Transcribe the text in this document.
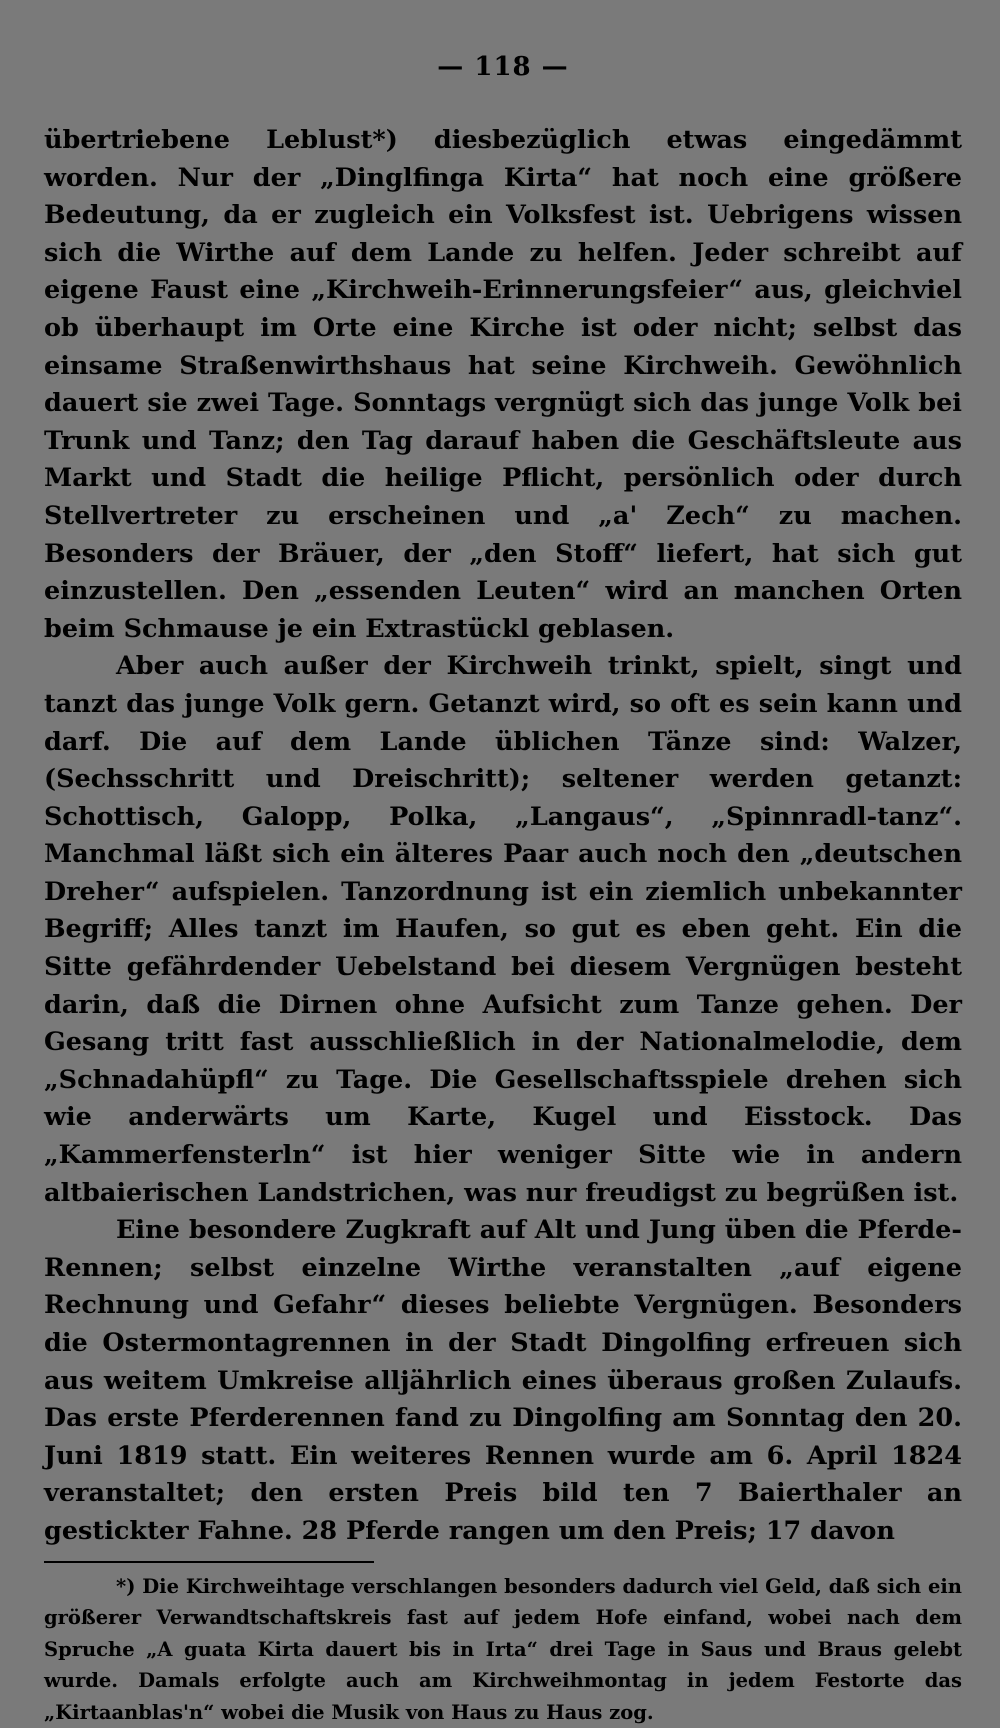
— 118 —

übertriebene Leblust*) diesbezüglich etwas eingedämmt worden. Nur der „Dinglfinga Kirta“ hat noch eine größere Bedeutung, da er zugleich ein Volksfest ist. Uebrigens wissen sich die Wirthe auf dem Lande zu helfen. Jeder schreibt auf eigene Faust eine „Kirchweih-Erinnerungsfeier“ aus, gleichviel ob überhaupt im Orte eine Kirche ist oder nicht; selbst das einsame Straßenwirthshaus hat seine Kirchweih. Gewöhnlich dauert sie zwei Tage. Sonntags vergnügt sich das junge Volk bei Trunk und Tanz; den Tag darauf haben die Geschäftsleute aus Markt und Stadt die heilige Pflicht, persönlich oder durch Stellvertreter zu erscheinen und „a' Zech“ zu machen. Besonders der Bräuer, der „den Stoff“ liefert, hat sich gut einzustellen. Den „essenden Leuten“ wird an manchen Orten beim Schmause je ein Extrastückl geblasen.

Aber auch außer der Kirchweih trinkt, spielt, singt und tanzt das junge Volk gern. Getanzt wird, so oft es sein kann und darf. Die auf dem Lande üblichen Tänze sind: Walzer, (Sechsschritt und Dreischritt); seltener werden getanzt: Schottisch, Galopp, Polka, „Langaus“, „Spinnradl-tanz“. Manchmal läßt sich ein älteres Paar auch noch den „deutschen Dreher“ aufspielen. Tanzordnung ist ein ziemlich unbekannter Begriff; Alles tanzt im Haufen, so gut es eben geht. Ein die Sitte gefährdender Uebelstand bei diesem Vergnügen besteht darin, daß die Dirnen ohne Aufsicht zum Tanze gehen. Der Gesang tritt fast ausschließlich in der Nationalmelodie, dem „Schnadahüpfl“ zu Tage. Die Gesellschaftsspiele drehen sich wie anderwärts um Karte, Kugel und Eisstock. Das „Kammerfensterln“ ist hier weniger Sitte wie in andern altbaierischen Landstrichen, was nur freudigst zu begrüßen ist.

Eine besondere Zugkraft auf Alt und Jung üben die Pferde-Rennen; selbst einzelne Wirthe veranstalten „auf eigene Rechnung und Gefahr“ dieses beliebte Vergnügen. Besonders die Ostermontagrennen in der Stadt Dingolfing erfreuen sich aus weitem Umkreise alljährlich eines überaus großen Zulaufs. Das erste Pferderennen fand zu Dingolfing am Sonntag den 20. Juni 1819 statt. Ein weiteres Rennen wurde am 6. April 1824 veranstaltet; den ersten Preis bild ten 7 Baierthaler an gestickter Fahne. 28 Pferde rangen um den Preis; 17 davon

*) Die Kirchweihtage verschlangen besonders dadurch viel Geld, daß sich ein größerer Verwandtschaftskreis fast auf jedem Hofe einfand, wobei nach dem Spruche „A guata Kirta dauert bis in Irta“ drei Tage in Saus und Braus gelebt wurde. Damals erfolgte auch am Kirchweihmontag in jedem Festorte das „Kirtaanblas'n“ wobei die Musik von Haus zu Haus zog.
